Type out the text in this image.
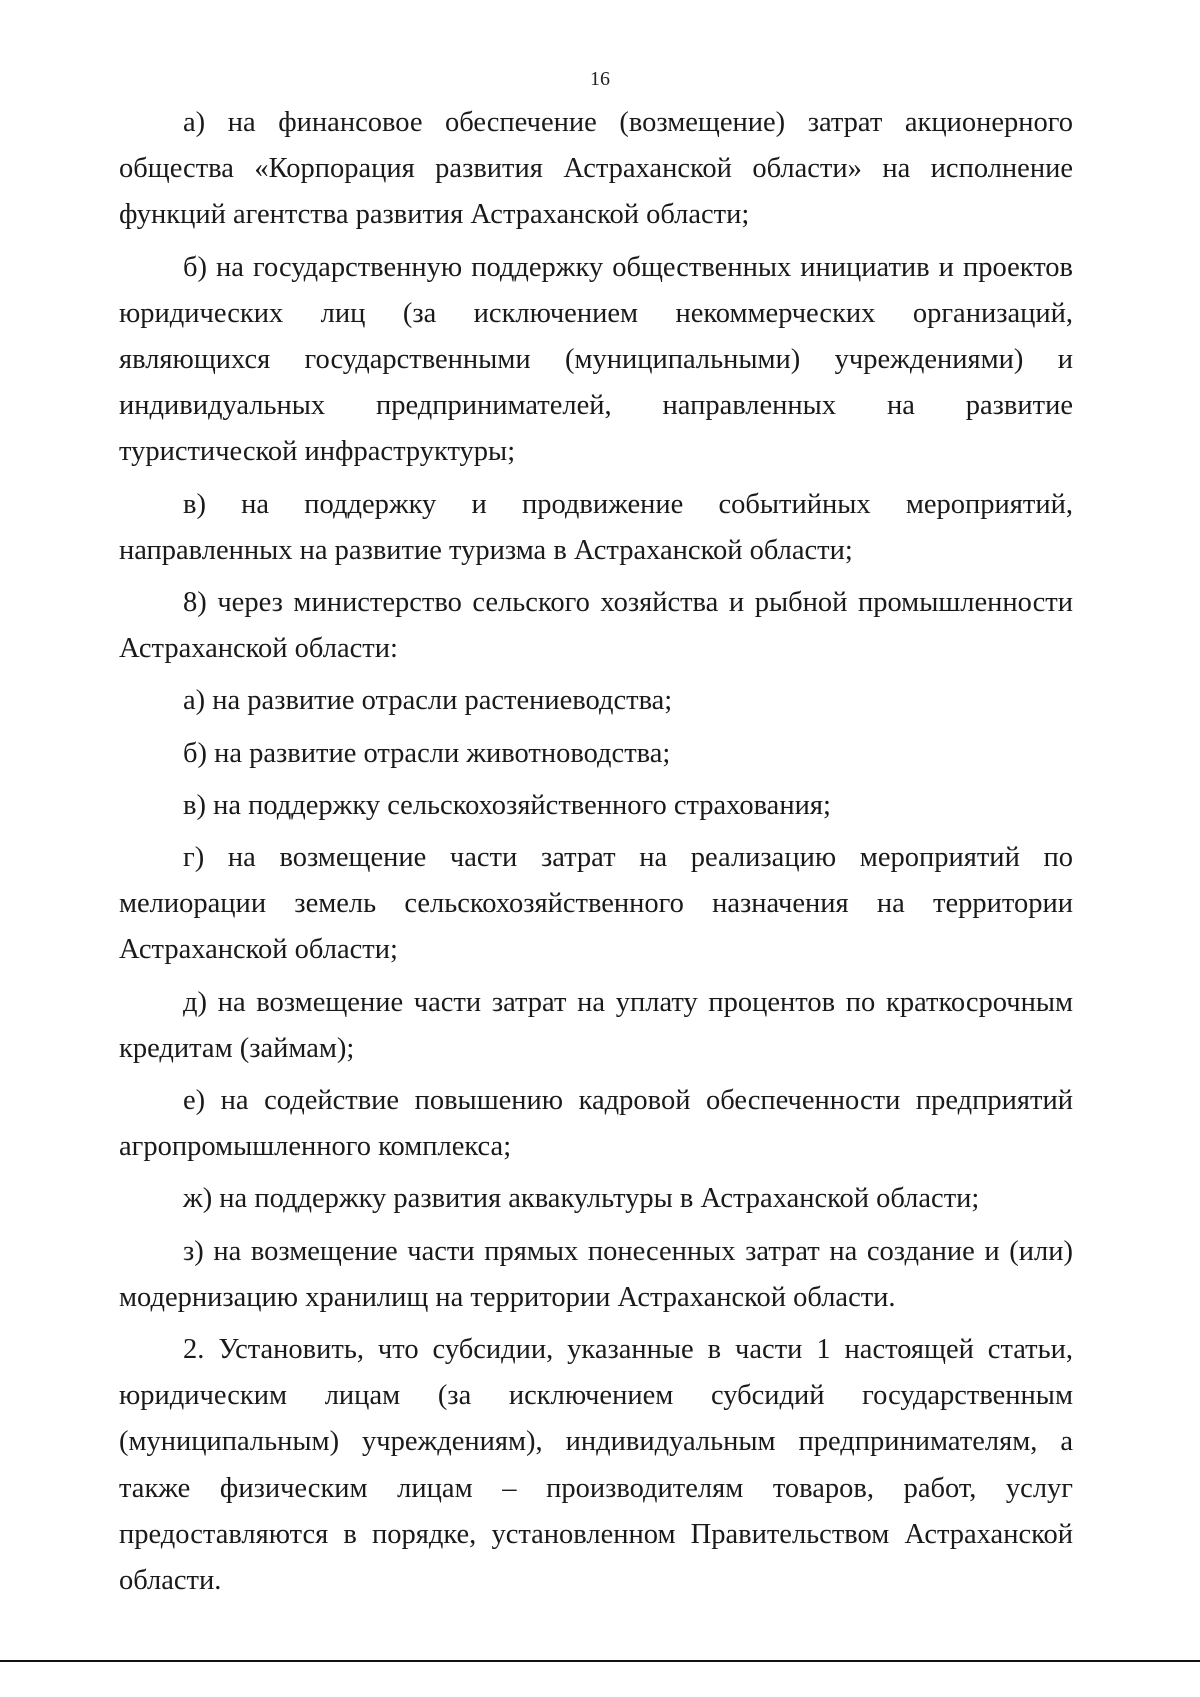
16

а) на финансовое обеспечение (возмещение) затрат акционерного общества «Корпорация развития Астраханской области» на исполнение функций агентства развития Астраханской области;

б) на государственную поддержку общественных инициатив и проектов юридических лиц (за исключением некоммерческих организаций, являющихся государственными (муниципальными) учреждениями) и индивидуальных предпринимателей, направленных на развитие туристической инфраструктуры;

в) на поддержку и продвижение событийных мероприятий, направленных на развитие туризма в Астраханской области;

8) через министерство сельского хозяйства и рыбной промышленности Астраханской области:

а) на развитие отрасли растениеводства;

б) на развитие отрасли животноводства;

в) на поддержку сельскохозяйственного страхования;

г) на возмещение части затрат на реализацию мероприятий по мелиорации земель сельскохозяйственного назначения на территории Астраханской области;

д) на возмещение части затрат на уплату процентов по краткосрочным кредитам (займам);

е) на содействие повышению кадровой обеспеченности предприятий агропромышленного комплекса;

ж) на поддержку развития аквакультуры в Астраханской области;

з) на возмещение части прямых понесенных затрат на создание и (или) модернизацию хранилищ на территории Астраханской области.

2. Установить, что субсидии, указанные в части 1 настоящей статьи, юридическим лицам (за исключением субсидий государственным (муниципальным) учреждениям), индивидуальным предпринимателям, а также физическим лицам – производителям товаров, работ, услуг предоставляются в порядке, установленном Правительством Астраханской области.
